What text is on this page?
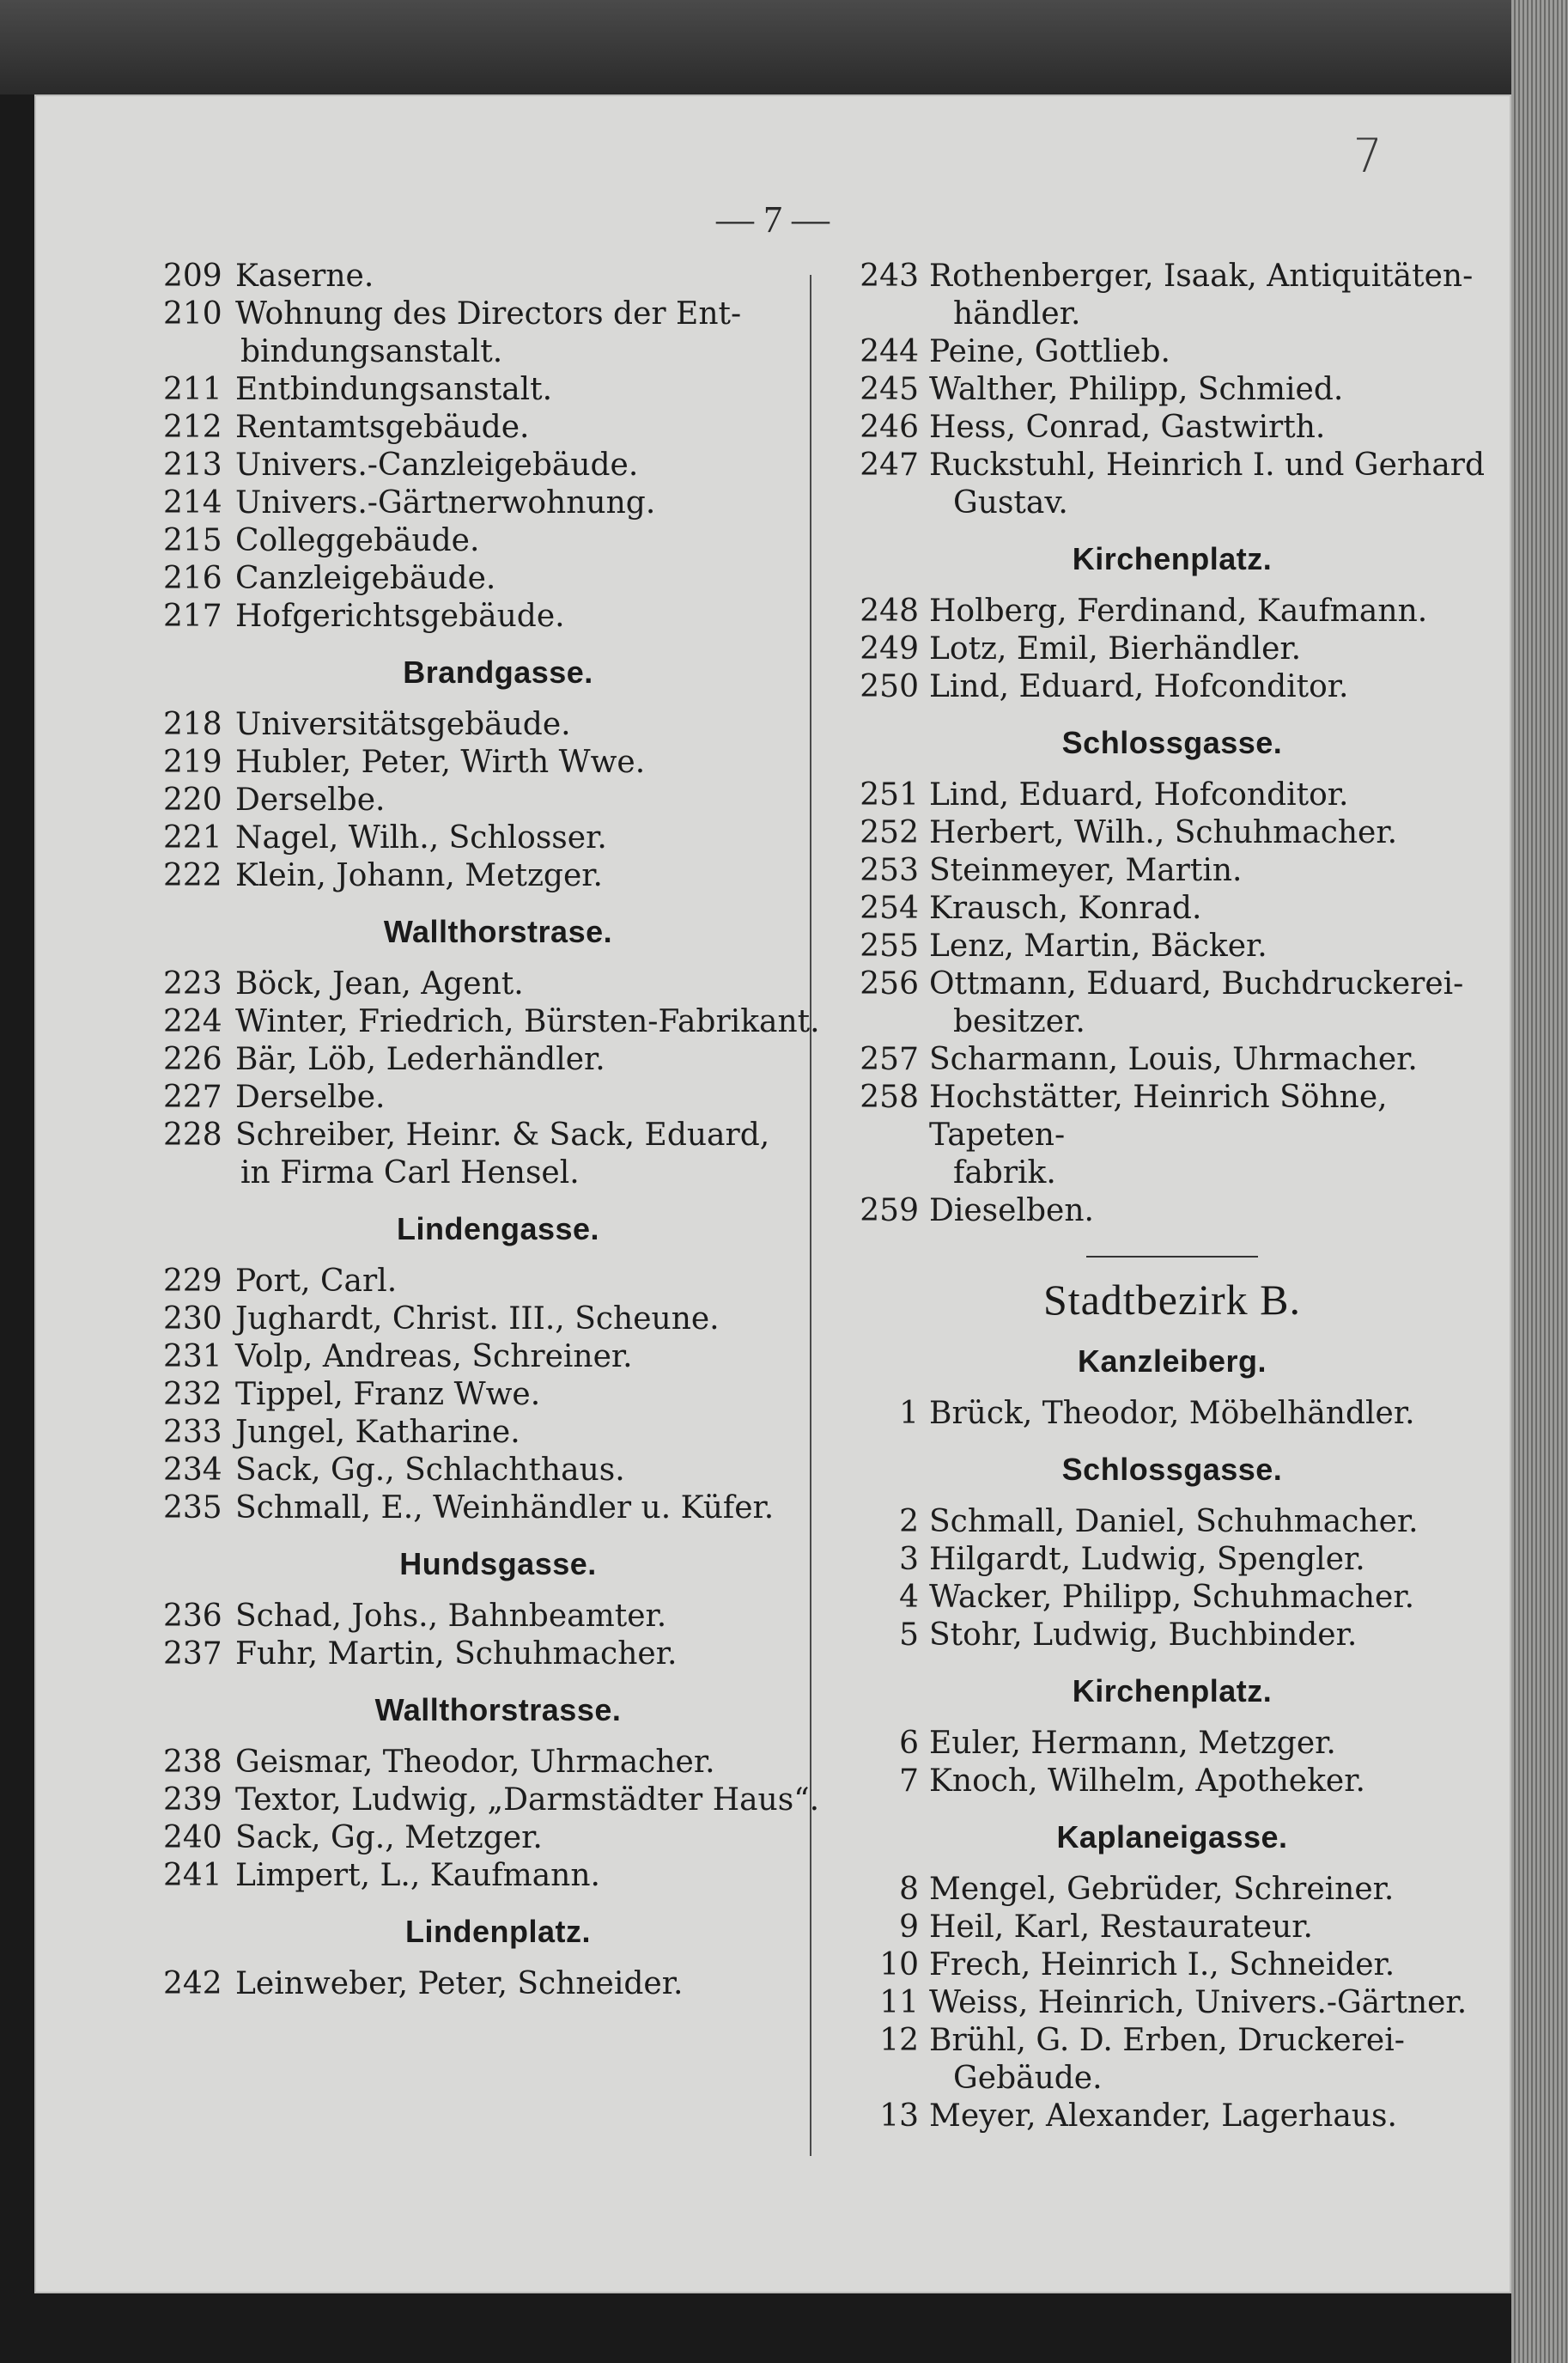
7
— 7 —
209 Kaserne.
210 Wohnung des Directors der Ent-
bindungsanstalt.
211 Entbindungsanstalt.
212 Rentamtsgebäude.
213 Univers.-Canzleigebäude.
214 Univers.-Gärtnerwohnung.
215 Colleggebäude.
216 Canzleigebäude.
217 Hofgerichtsgebäude.
Brandgasse.
218 Universitätsgebäude.
219 Hubler, Peter, Wirth Wwe.
220 Derselbe.
221 Nagel, Wilh., Schlosser.
222 Klein, Johann, Metzger.
Wallthorstrase.
223 Böck, Jean, Agent.
224 Winter, Friedrich, Bürsten-Fabrikant.
226 Bär, Löb, Lederhändler.
227 Derselbe.
228 Schreiber, Heinr. & Sack, Eduard,
in Firma Carl Hensel.
Lindengasse.
229 Port, Carl.
230 Jughardt, Christ. III., Scheune.
231 Volp, Andreas, Schreiner.
232 Tippel, Franz Wwe.
233 Jungel, Katharine.
234 Sack, Gg., Schlachthaus.
235 Schmall, E., Weinhändler u. Küfer.
Hundsgasse.
236 Schad, Johs., Bahnbeamter.
237 Fuhr, Martin, Schuhmacher.
Wallthorstrasse.
238 Geismar, Theodor, Uhrmacher.
239 Textor, Ludwig, „Darmstädter Haus“.
240 Sack, Gg., Metzger.
241 Limpert, L., Kaufmann.
Lindenplatz.
242 Leinweber, Peter, Schneider.
243 Rothenberger, Isaak, Antiquitäten-
händler.
244 Peine, Gottlieb.
245 Walther, Philipp, Schmied.
246 Hess, Conrad, Gastwirth.
247 Ruckstuhl, Heinrich I. und Gerhard
Gustav.
Kirchenplatz.
248 Holberg, Ferdinand, Kaufmann.
249 Lotz, Emil, Bierhändler.
250 Lind, Eduard, Hofconditor.
Schlossgasse.
251 Lind, Eduard, Hofconditor.
252 Herbert, Wilh., Schuhmacher.
253 Steinmeyer, Martin.
254 Krausch, Konrad.
255 Lenz, Martin, Bäcker.
256 Ottmann, Eduard, Buchdruckerei-
besitzer.
257 Scharmann, Louis, Uhrmacher.
258 Hochstätter, Heinrich Söhne, Tapeten-
fabrik.
259 Dieselben.
Stadtbezirk B.
Kanzleiberg.
1 Brück, Theodor, Möbelhändler.
Schlossgasse.
2 Schmall, Daniel, Schuhmacher.
3 Hilgardt, Ludwig, Spengler.
4 Wacker, Philipp, Schuhmacher.
5 Stohr, Ludwig, Buchbinder.
Kirchenplatz.
6 Euler, Hermann, Metzger.
7 Knoch, Wilhelm, Apotheker.
Kaplaneigasse.
8 Mengel, Gebrüder, Schreiner.
9 Heil, Karl, Restaurateur.
10 Frech, Heinrich I., Schneider.
11 Weiss, Heinrich, Univers.-Gärtner.
12 Brühl, G. D. Erben, Druckerei-
Gebäude.
13 Meyer, Alexander, Lagerhaus.
